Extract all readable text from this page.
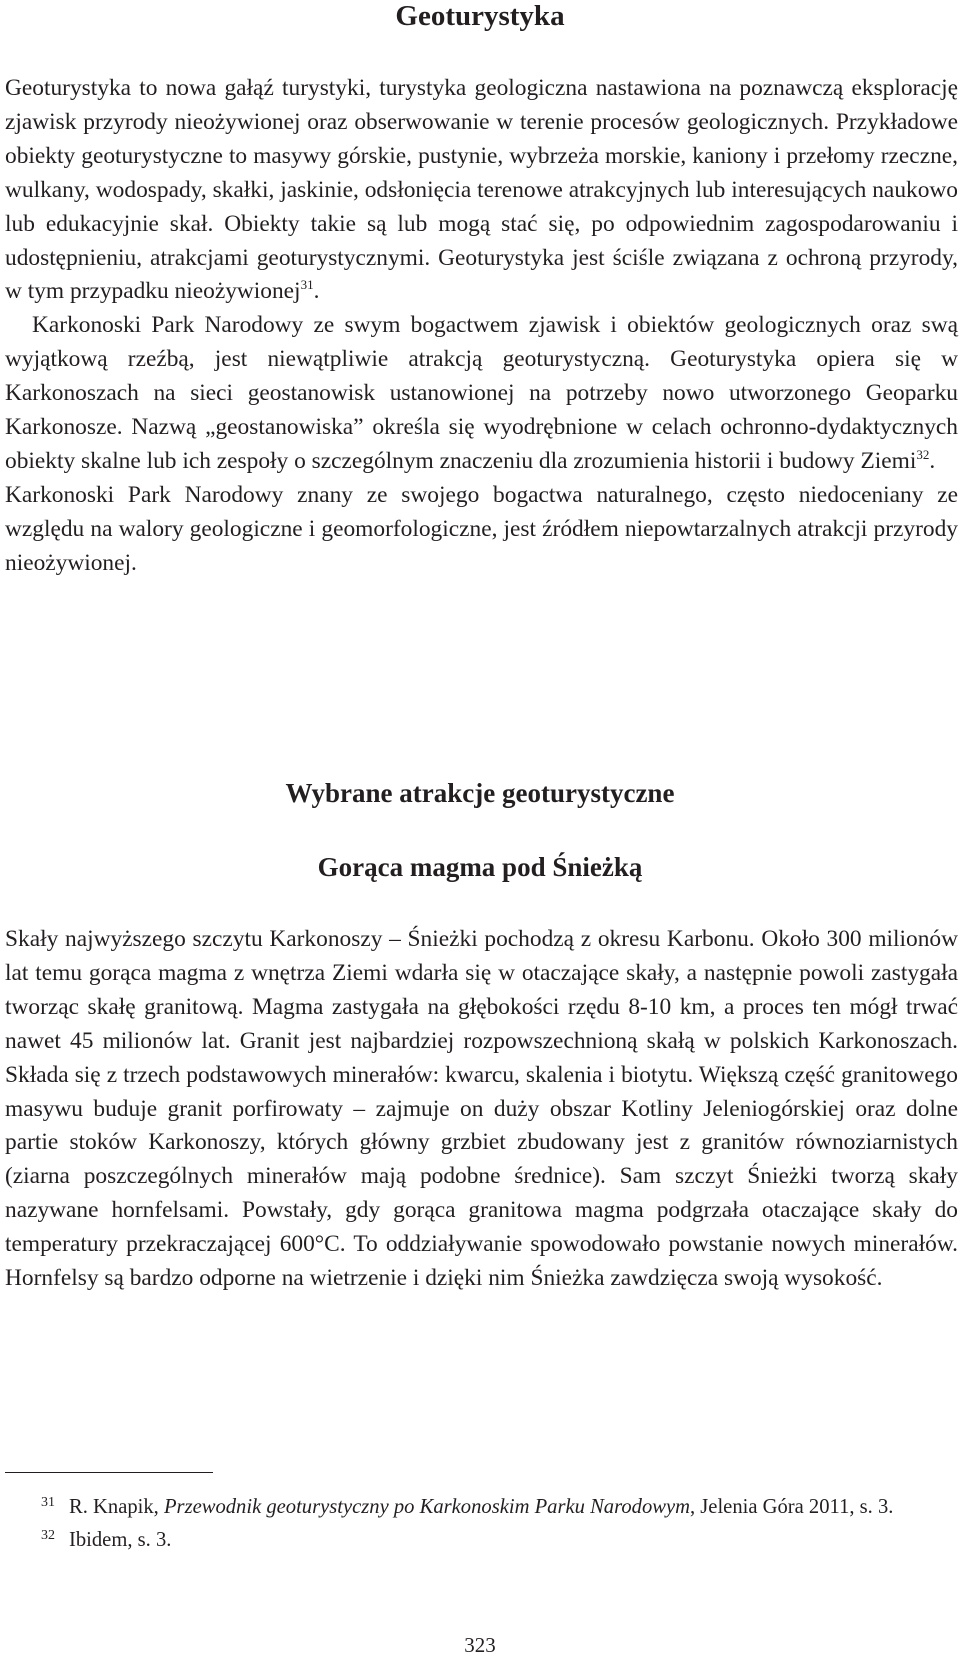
Geoturystyka

Geoturystyka to nowa gałąź turystyki, turystyka geologiczna nastawiona na poznawczą eksplorację zjawisk przyrody nieożywionej oraz obserwowanie w terenie procesów geologicznych. Przykładowe obiekty geoturystyczne to masywy górskie, pustynie, wybrzeża morskie, kaniony i przełomy rzeczne, wulkany, wodospady, skałki, jaskinie, odsłonięcia terenowe atrakcyjnych lub interesujących naukowo lub edukacyjnie skał. Obiekty takie są lub mogą stać się, po odpowiednim zagospodarowaniu i udostępnieniu, atrakcjami geoturystycznymi. Geoturystyka jest ściśle związana z ochroną przyrody, w tym przypadku nieożywionej$^{31}$.

Karkonoski Park Narodowy ze swym bogactwem zjawisk i obiektów geologicznych oraz swą wyjątkową rzeźbą, jest niewątpliwie atrakcją geoturystyczną. Geoturystyka opiera się w Karkonoszach na sieci geostanowisk ustanowionej na potrzeby nowo utworzonego Geoparku Karkonosze. Nazwą „geostanowiska” określa się wyodrębnione w celach ochronno-dydaktycznych obiekty skalne lub ich zespoły o szczególnym znaczeniu dla zrozumienia historii i budowy Ziemi$^{32}$.

Karkonoski Park Narodowy znany ze swojego bogactwa naturalnego, często niedoceniany ze względu na walory geologiczne i geomorfologiczne, jest źródłem niepowtarzalnych atrakcji przyrody nieożywionej.

Wybrane atrakcje geoturystyczne
Gorąca magma pod Śnieżką

Skały najwyższego szczytu Karkonoszy – Śnieżki pochodzą z okresu Karbonu. Około 300 milionów lat temu gorąca magma z wnętrza Ziemi wdarła się w otaczające skały, a następnie powoli zastygała tworząc skałę granitową. Magma zastygała na głębokości rzędu 8-10 km, a proces ten mógł trwać nawet 45 milionów lat. Granit jest najbardziej rozpowszechnioną skałą w polskich Karkonoszach. Składa się z trzech podstawowych minerałów: kwarcu, skalenia i biotytu. Większą część granitowego masywu buduje granit porfirowaty – zajmuje on duży obszar Kotliny Jeleniogórskiej oraz dolne partie stoków Karkonoszy, których główny grzbiet zbudowany jest z granitów równoziarnistych (ziarna poszczególnych minerałów mają podobne średnice). Sam szczyt Śnieżki tworzą skały nazywane hornfelsami. Powstały, gdy gorąca granitowa magma podgrzała otaczające skały do temperatury przekraczającej 600°C. To oddziaływanie spowodowało powstanie nowych minerałów. Hornfelsy są bardzo odporne na wietrzenie i dzięki nim Śnieżka zawdzięcza swoją wysokość.

$^{31}$ R. Knapik, Przewodnik geoturystyczny po Karkonoskim Parku Narodowym, Jelenia Góra 2011, s. 3.

$^{32}$ Ibidem, s. 3.

323
